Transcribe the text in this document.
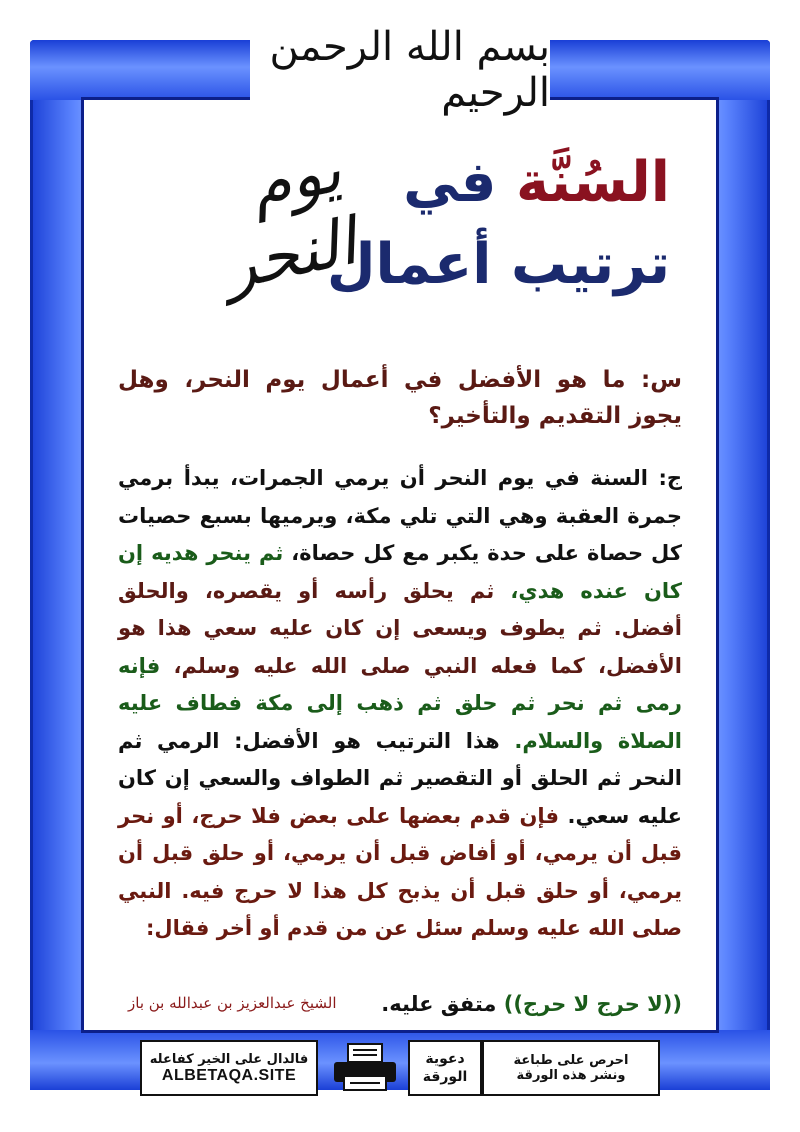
بسم الله الرحمن الرحيم
السُنَّة في
ترتيب أعمال
يوم النحر

س: ما هو الأفضل في أعمال يوم النحر، وهل يجوز التقديم والتأخير؟

ج: السنة في يوم النحر أن يرمي الجمرات، يبدأ برمي جمرة العقبة وهي التي تلي مكة، ويرميها بسبع حصيات كل حصاة على حدة يكبر مع كل حصاة، ثم ينحر هديه إن كان عنده هدي، ثم يحلق رأسه أو يقصره، والحلق أفضل. ثم يطوف ويسعى إن كان عليه سعي هذا هو الأفضل، كما فعله النبي صلى الله عليه وسلم، فإنه رمى ثم نحر ثم حلق ثم ذهب إلى مكة فطاف عليه الصلاة والسلام. هذا الترتيب هو الأفضل: الرمي ثم النحر ثم الحلق أو التقصير ثم الطواف والسعي إن كان عليه سعي. فإن قدم بعضها على بعض فلا حرج، أو نحر قبل أن يرمي، أو أفاض قبل أن يرمي، أو حلق قبل أن يرمي، أو حلق قبل أن يذبح كل هذا لا حرج فيه. النبي صلى الله عليه وسلم سئل عن من قدم أو أخر فقال:

((لا حرج لا حرج)) متفق عليه.
الشيخ عبدالعزيز بن عبدالله بن باز
احرص على طباعة
ونشر هذه الورقة
دعوية
الورقة
فالدال على الخير كفاعله
ALBETAQA.SITE
